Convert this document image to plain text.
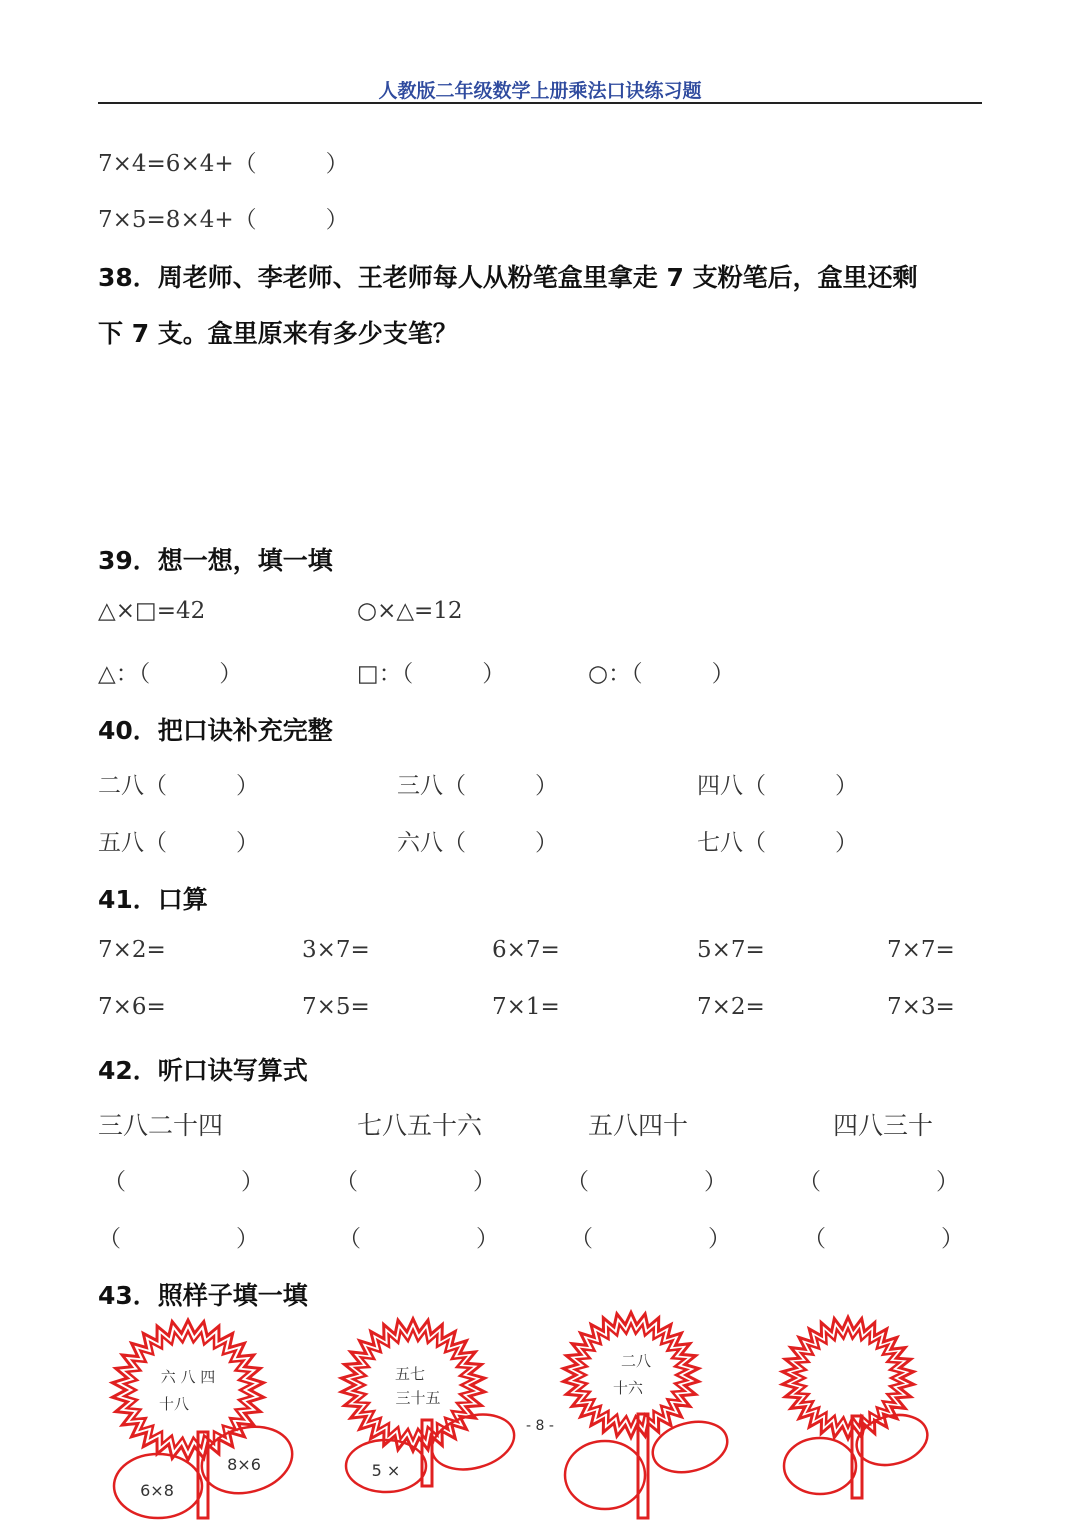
人教版二年级数学上册乘法口诀练习题
7×4=6×4+（　　　）
7×5=8×4+（　　　）
38．周老师、李老师、王老师每人从粉笔盒里拿走 7 支粉笔后，盒里还剩
下 7 支。盒里原来有多少支笔？
39．想一想，填一填
△×□=42	○×△=12
△：（　　　）	□：（　　　）	○：（　　　）
40．把口诀补充完整
二八（　　　）	三八（　　　）	四八（　　　）
五八（　　　）	六八（　　　）	七八（　　　）
41．口算
7×2=	3×7=	6×7=	5×7=	7×7=
7×6=	7×5=	7×1=	7×2=	7×3=
42．听口诀写算式
三八二十四	七八五十六	五八四十	四八三十
（　　　　　）	（　　　　　）	（　　　　　）	（　　　　　）
（　　　　　）	（　　　　　）	（　　　　　）	（　　　　　）
43．照样子填一填
六 八 四
十八
6×8
8×6
五七
三十五
5 ×
二八
十六
- 8 -
